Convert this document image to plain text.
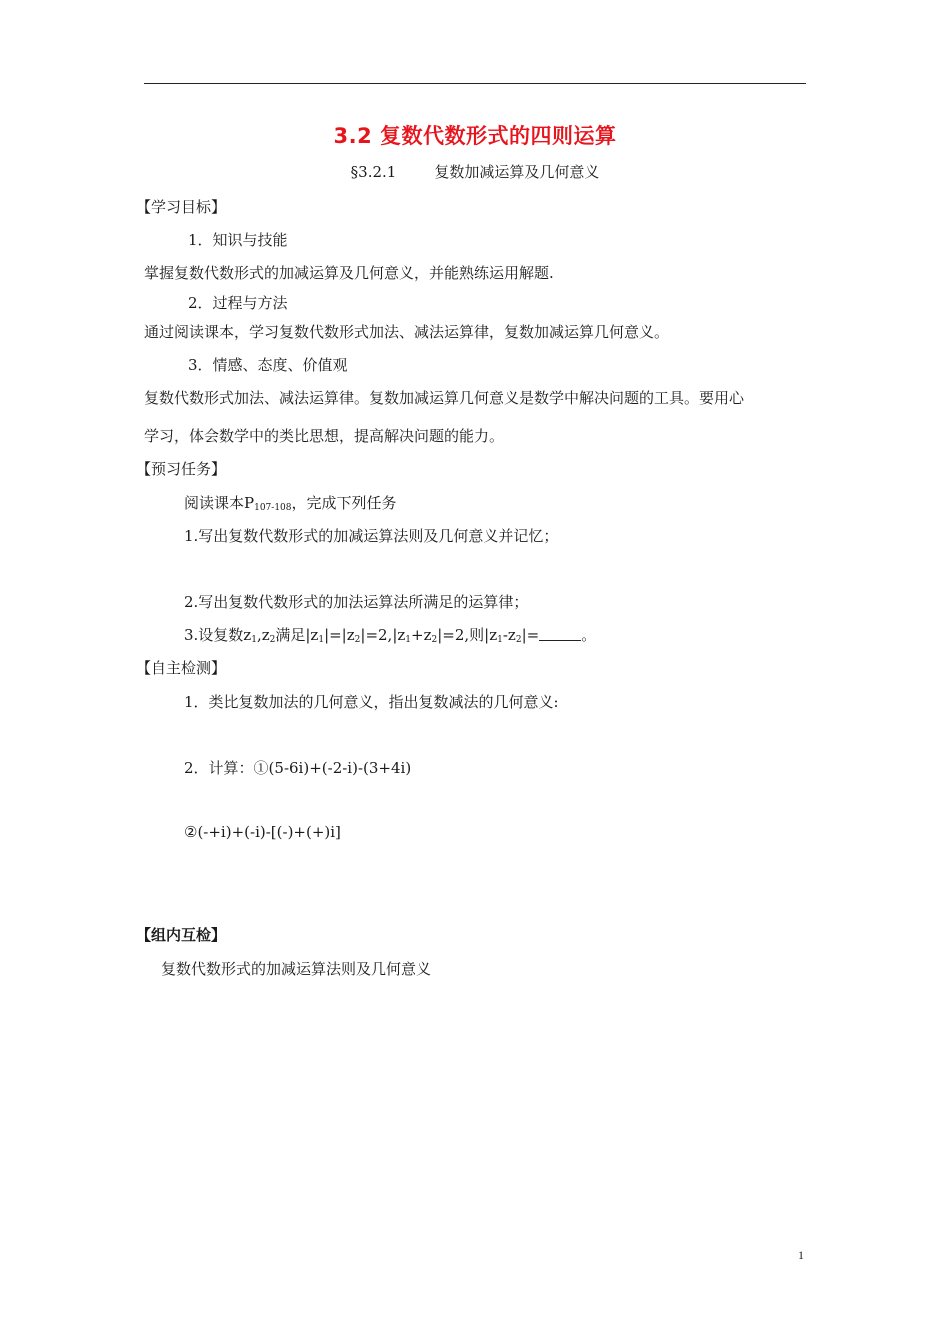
3.2 复数代数形式的四则运算
§3.2.1	复数加减运算及几何意义
【学习目标】
1．知识与技能
掌握复数代数形式的加减运算及几何意义，并能熟练运用解题.
2．过程与方法
通过阅读课本，学习复数代数形式加法、减法运算律，复数加减运算几何意义。
3．情感、态度、价值观
复数代数形式加法、减法运算律。复数加减运算几何意义是数学中解决问题的工具。要用心
学习，体会数学中的类比思想，提高解决问题的能力。
【预习任务】
阅读课本$P_{107-108}$，完成下列任务
1.写出复数代数形式的加减运算法则及几何意义并记忆；
2.写出复数代数形式的加法运算法所满足的运算律；
3.设复数$z_1,z_2$满足$|z_1|=|z_2|=2,|z_1+z_2|=2$,则$|z_1-z_2|=$	。
【自主检测】
1．类比复数加法的几何意义，指出复数减法的几何意义:
2．计算：①(5-6i)+(-2-i)-(3+4i)
②(-+i)+(-i)-[(-)+(+)i]
【组内互检】
复数代数形式的加减运算法则及几何意义
1
